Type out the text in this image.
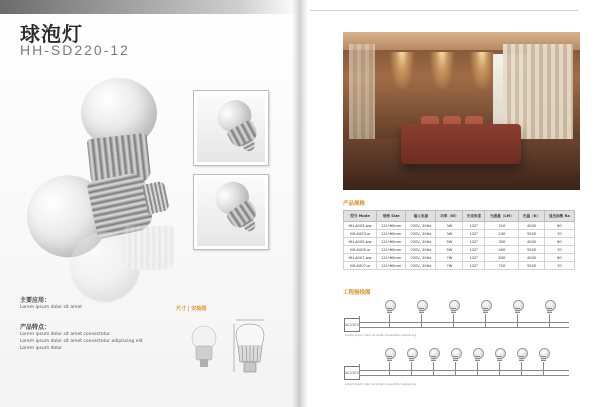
球泡灯
HH-SD220-12
主要应用：
Lorem ipsum dolor sit amet
产品特点：
Lorem ipsum dolor sit amet consectetur
Lorem ipsum dolor sit amet consectetur adipiscing elit
Lorem ipsum dolor
尺寸 | 安装图
产品规格
型号 Mode	规格 Size	输入电源	功率（W）	光束角度	光通量（LM）	色温（K）	显色指数 Ra
HH-A003-ww	121*60mm	220V, 50Hz	3W	120°	210	4000	80
HH-A003-w	121*60mm	220V, 50Hz	3W	120°	240	5500	70
HH-A005-ww	121*60mm	220V, 50Hz	5W	120°	350	4000	80
HH-A005-w	121*60mm	220V, 50Hz	5W	120°	400	5500	70
HH-A007-ww	121*60mm	220V, 50Hz	7W	120°	630	4000	80
HH-A007-w	121*60mm	220V, 50Hz	7W	120°	720	5500	70
工程接线图
AC220V
Lorem ipsum dolor sit amet consectetur adipiscing
AC220V
Lorem ipsum dolor sit amet consectetur adipiscing
